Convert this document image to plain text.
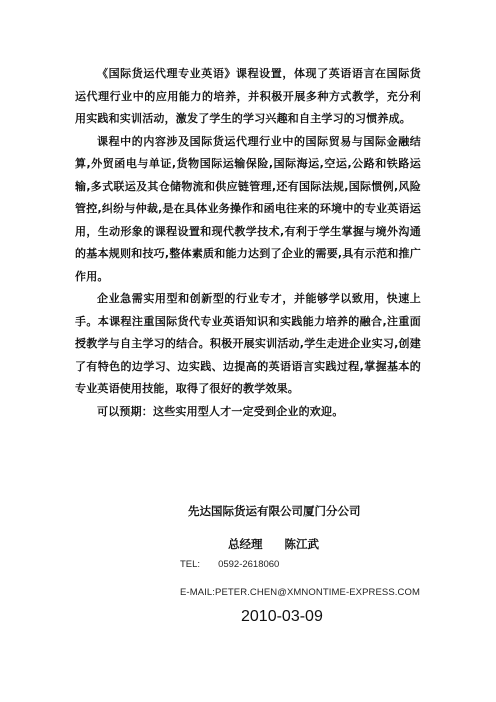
《国际货运代理专业英语》课程设置，体现了英语语言在国际货运代理行业中的应用能力的培养，并积极开展多种方式教学，充分利用实践和实训活动，激发了学生的学习兴趣和自主学习的习惯养成。

课程中的内容涉及国际货运代理行业中的国际贸易与国际金融结算,外贸函电与单证,货物国际运输保险,国际海运,空运,公路和铁路运输,多式联运及其仓储物流和供应链管理,还有国际法规,国际惯例,风险管控,纠纷与仲裁,是在具体业务操作和函电往来的环境中的专业英语运用，生动形象的课程设置和现代教学技术,有利于学生掌握与境外沟通的基本规则和技巧,整体素质和能力达到了企业的需要,具有示范和推广作用。

企业急需实用型和创新型的行业专才，并能够学以致用，快速上手。本课程注重国际货代专业英语知识和实践能力培养的融合,注重面授教学与自主学习的结合。积极开展实训活动,学生走进企业实习,创建了有特色的边学习、边实践、边提高的英语语言实践过程,掌握基本的专业英语使用技能，取得了很好的教学效果。

可以预期：这些实用型人才一定受到企业的欢迎。

先达国际货运有限公司厦门分公司
总经理 陈江武
TEL: 0592-2618060
E-MAIL:PETER.CHEN@XMNONTIME-EXPRESS.COM
2010-03-09
